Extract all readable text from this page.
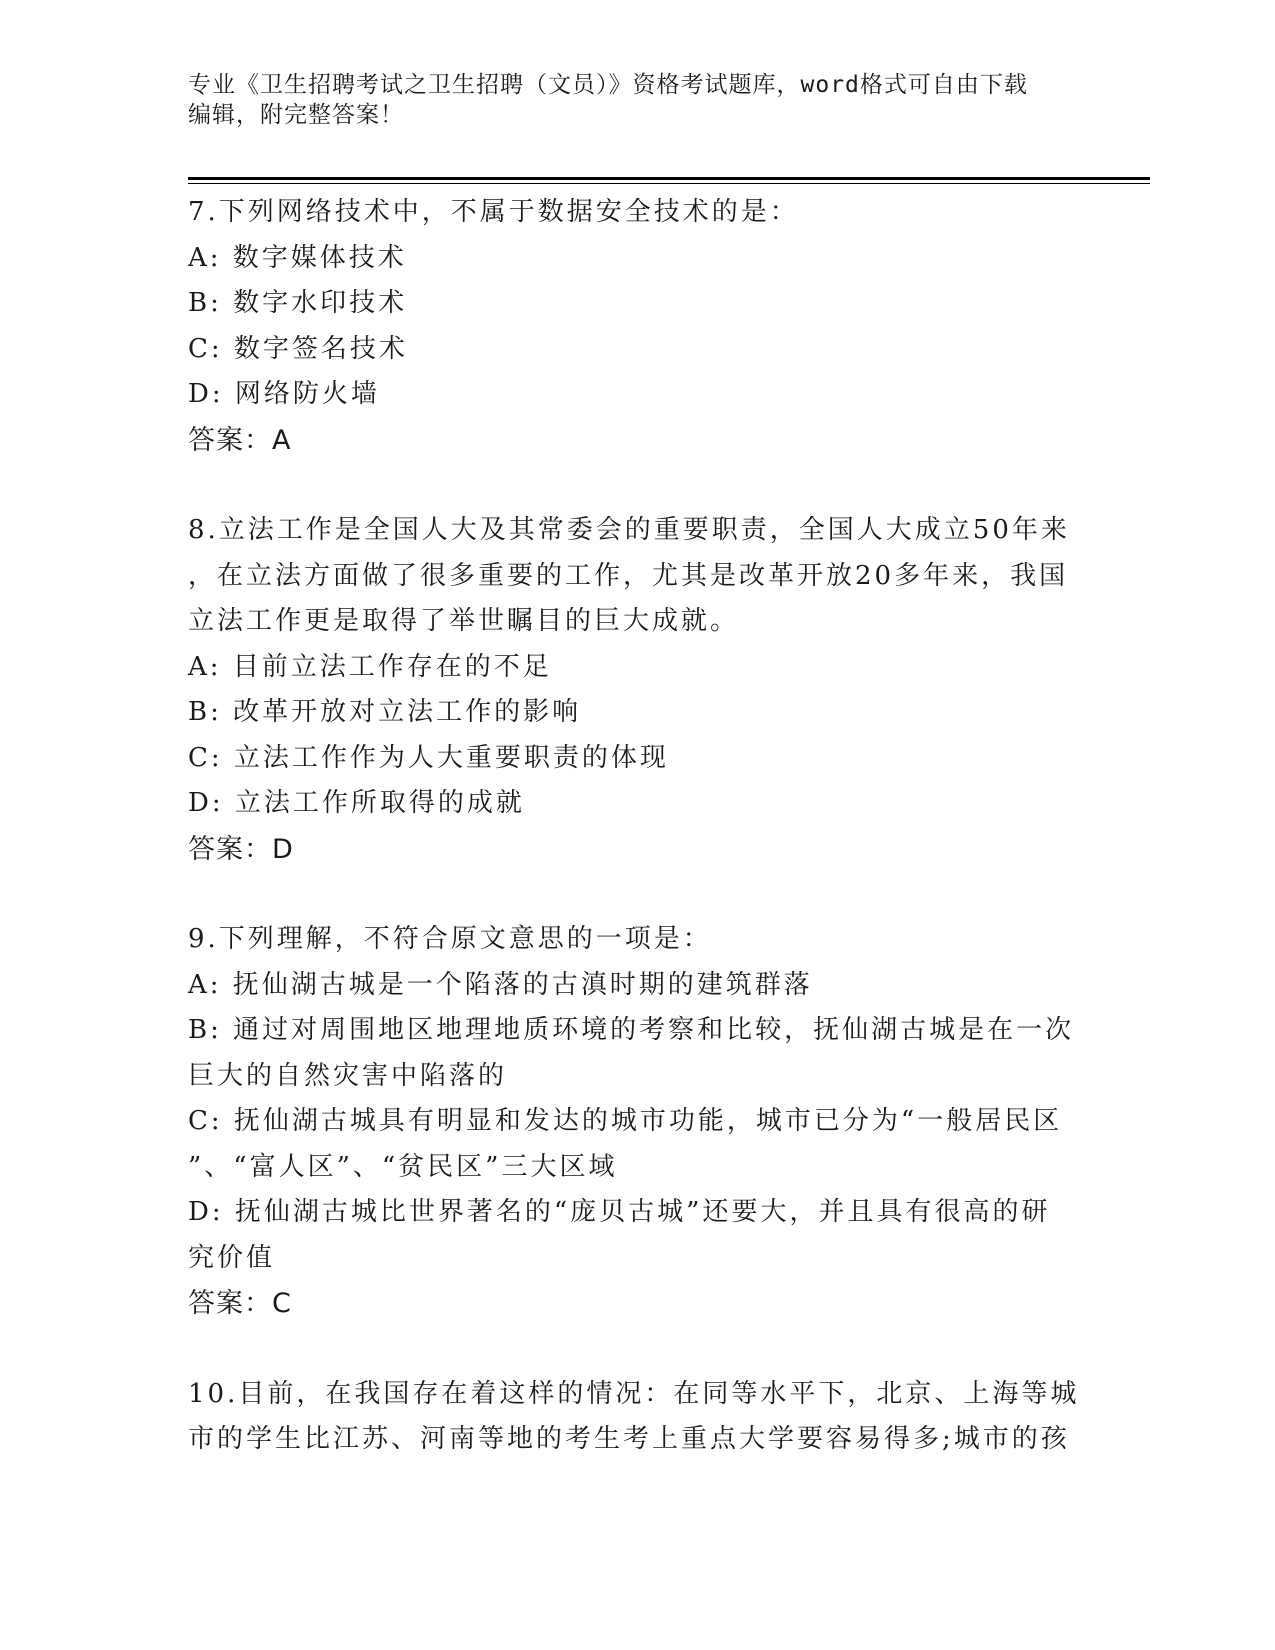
专业《卫生招聘考试之卫生招聘（文员）》资格考试题库，word格式可自由下载
编辑，附完整答案！
7.下列网络技术中，不属于数据安全技术的是：
A: 数字媒体技术
B: 数字水印技术
C: 数字签名技术
D: 网络防火墙
答案：A
8.立法工作是全国人大及其常委会的重要职责，全国人大成立50年来
，在立法方面做了很多重要的工作，尤其是改革开放20多年来，我国
立法工作更是取得了举世瞩目的巨大成就。
A: 目前立法工作存在的不足
B: 改革开放对立法工作的影响
C: 立法工作作为人大重要职责的体现
D: 立法工作所取得的成就
答案：D
9.下列理解，不符合原文意思的一项是：
A: 抚仙湖古城是一个陷落的古滇时期的建筑群落
B: 通过对周围地区地理地质环境的考察和比较，抚仙湖古城是在一次
巨大的自然灾害中陷落的
C: 抚仙湖古城具有明显和发达的城市功能，城市已分为“一般居民区
”、“富人区”、“贫民区”三大区域
D: 抚仙湖古城比世界著名的“庞贝古城”还要大，并且具有很高的研
究价值
答案：C
10.目前，在我国存在着这样的情况：在同等水平下，北京、上海等城
市的学生比江苏、河南等地的考生考上重点大学要容易得多;城市的孩
